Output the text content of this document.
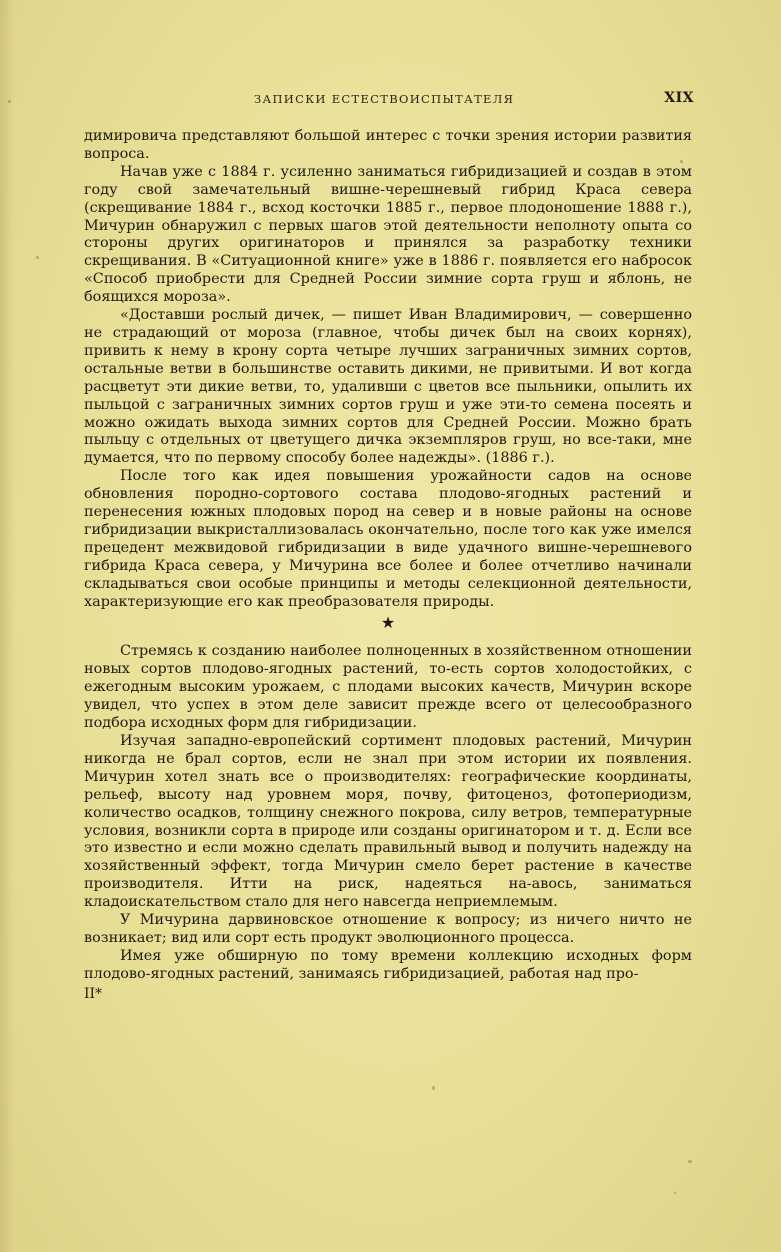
ЗАПИСКИ ЕСТЕСТВОИСПЫТАТЕЛЯ	XIX

димировича представляют большой интерес с точки зрения истории развития вопроса.

Начав уже с 1884 г. усиленно заниматься гибридизацией и создав в этом году свой замечательный вишне-черешневый гибрид Краса севера (скрещивание 1884 г., всход косточки 1885 г., первое плодоношение 1888 г.), Мичурин обнаружил с первых шагов этой деятельности неполноту опыта со стороны других оригинаторов и принялся за разработку техники скрещивания. В «Ситуационной книге» уже в 1886 г. появляется его набросок «Способ приобрести для Средней России зимние сорта груш и яблонь, не боящихся мороза».

«Доставши рослый дичек, — пишет Иван Владимирович, — совершенно не страдающий от мороза (главное, чтобы дичек был на своих корнях), привить к нему в крону сорта четыре лучших заграничных зимних сортов, остальные ветви в большинстве оставить дикими, не привитыми. И вот когда расцветут эти дикие ветви, то, удаливши с цветов все пыльники, опылить их пыльцой с заграничных зимних сортов груш и уже эти-то семена посеять и можно ожидать выхода зимних сортов для Средней России. Можно брать пыльцу с отдельных от цветущего дичка экземпляров груш, но все-таки, мне думается, что по первому способу более надежды». (1886 г.).

После того как идея повышения урожайности садов на основе обновления породно-сортового состава плодово-ягодных растений и перенесения южных плодовых пород на север и в новые районы на основе гибридизации выкристаллизовалась окончательно, после того как уже имелся прецедент межвидовой гибридизации в виде удачного вишне-черешневого гибрида Краса севера, у Мичурина все более и более отчетливо начинали складываться свои особые принципы и методы селекционной деятельности, характеризующие его как преобразователя природы.

★

Стремясь к созданию наиболее полноценных в хозяйственном отношении новых сортов плодово-ягодных растений, то-есть сортов холодостойких, с ежегодным высоким урожаем, с плодами высоких качеств, Мичурин вскоре увидел, что успех в этом деле зависит прежде всего от целесообразного подбора исходных форм для гибридизации.

Изучая западно-европейский сортимент плодовых растений, Мичурин никогда не брал сортов, если не знал при этом истории их появления. Мичурин хотел знать все о производителях: географические координаты, рельеф, высоту над уровнем моря, почву, фитоценоз, фотопериодизм, количество осадков, толщину снежного покрова, силу ветров, температурные условия, возникли сорта в природе или созданы оригинатором и т. д. Если все это известно и если можно сделать правильный вывод и получить надежду на хозяйственный эффект, тогда Мичурин смело берет растение в качестве производителя. Итти на риск, надеяться на-авось, заниматься кладоискательством стало для него навсегда неприемлемым.

У Мичурина дарвиновское отношение к вопросу; из ничего ничто не возникает; вид или сорт есть продукт эволюционного процесса.

Имея уже обширную по тому времени коллекцию исходных форм плодово-ягодных растений, занимаясь гибридизацией, работая над про-

II*
